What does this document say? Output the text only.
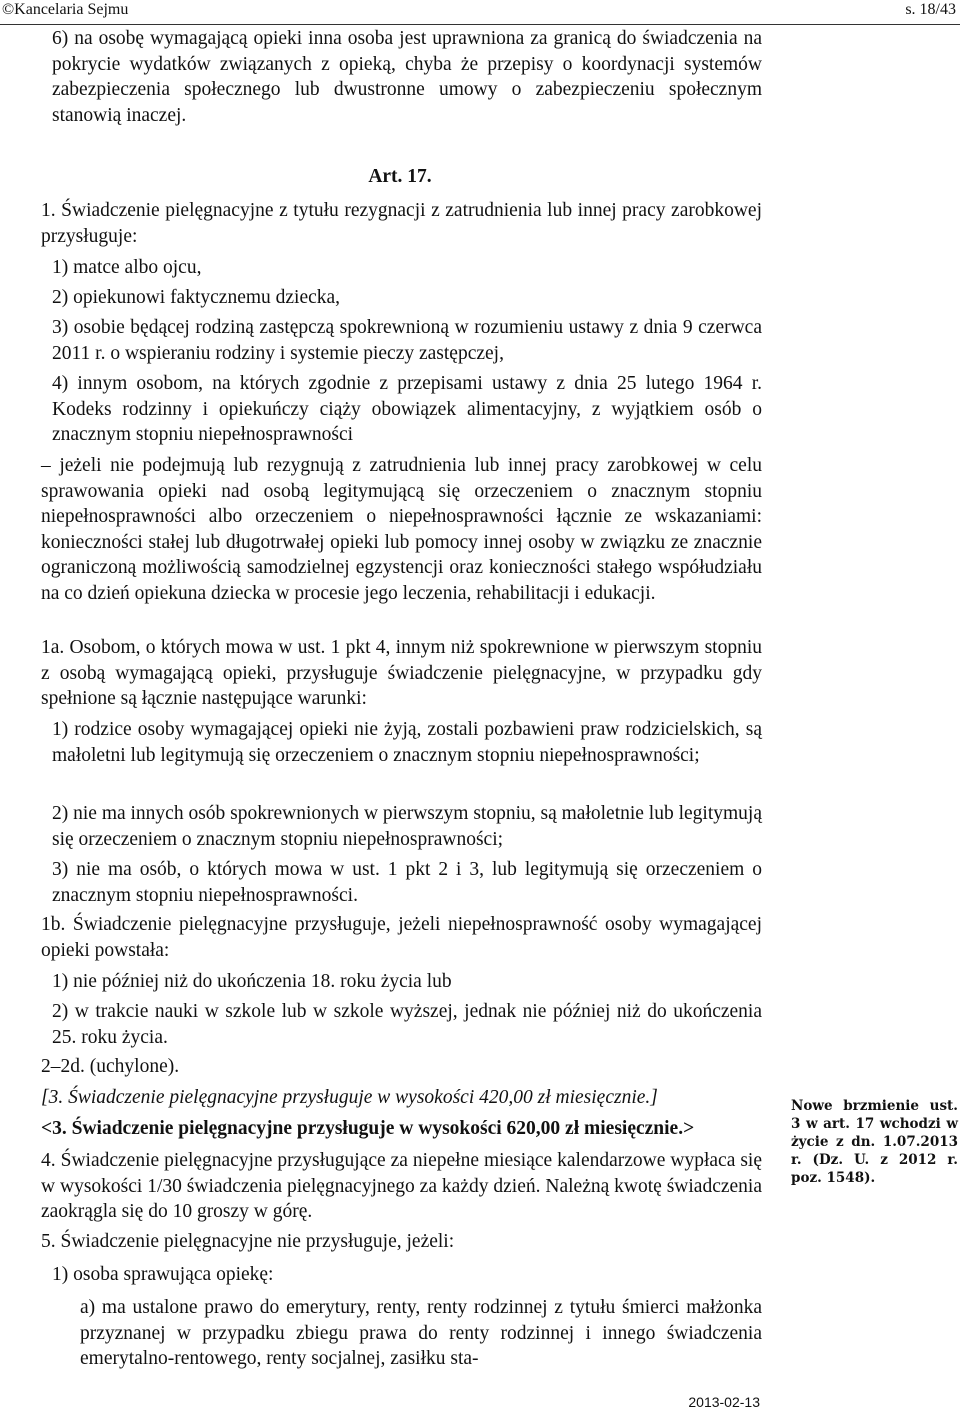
©Kancelaria Sejmu	s. 18/43
6) na osobę wymagającą opieki inna osoba jest uprawniona za granicą do świadczenia na pokrycie wydatków związanych z opieką, chyba że przepisy o koordynacji systemów zabezpieczenia społecznego lub dwustronne umowy o zabezpieczeniu społecznym stanowią inaczej.
Art. 17.
1. Świadczenie pielęgnacyjne z tytułu rezygnacji z zatrudnienia lub innej pracy zarobkowej przysługuje:
1) matce albo ojcu,
2) opiekunowi faktycznemu dziecka,
3) osobie będącej rodziną zastępczą spokrewnioną w rozumieniu ustawy z dnia 9 czerwca 2011 r. o wspieraniu rodziny i systemie pieczy zastępczej,
4) innym osobom, na których zgodnie z przepisami ustawy z dnia 25 lutego 1964 r. Kodeks rodzinny i opiekuńczy ciąży obowiązek alimentacyjny, z wyjątkiem osób o znacznym stopniu niepełnosprawności
– jeżeli nie podejmują lub rezygnują z zatrudnienia lub innej pracy zarobkowej w celu sprawowania opieki nad osobą legitymującą się orzeczeniem o znacznym stopniu niepełnosprawności albo orzeczeniem o niepełnosprawności łącznie ze wskazaniami: konieczności stałej lub długotrwałej opieki lub pomocy innej osoby w związku ze znacznie ograniczoną możliwością samodzielnej egzystencji oraz konieczności stałego współudziału na co dzień opiekuna dziecka w procesie jego leczenia, rehabilitacji i edukacji.
1a. Osobom, o których mowa w ust. 1 pkt 4, innym niż spokrewnione w pierwszym stopniu z osobą wymagającą opieki, przysługuje świadczenie pielęgnacyjne, w przypadku gdy spełnione są łącznie następujące warunki:
1) rodzice osoby wymagającej opieki nie żyją, zostali pozbawieni praw rodzicielskich, są małoletni lub legitymują się orzeczeniem o znacznym stopniu niepełnosprawności;
2) nie ma innych osób spokrewnionych w pierwszym stopniu, są małoletnie lub legitymują się orzeczeniem o znacznym stopniu niepełnosprawności;
3) nie ma osób, o których mowa w ust. 1 pkt 2 i 3, lub legitymują się orzeczeniem o znacznym stopniu niepełnosprawności.
1b. Świadczenie pielęgnacyjne przysługuje, jeżeli niepełnosprawność osoby wymagającej opieki powstała:
1) nie później niż do ukończenia 18. roku życia lub
2) w trakcie nauki w szkole lub w szkole wyższej, jednak nie później niż do ukończenia 25. roku życia.
2–2d. (uchylone).
[3. Świadczenie pielęgnacyjne przysługuje w wysokości 420,00 zł miesięcznie.]
<3. Świadczenie pielęgnacyjne przysługuje w wysokości 620,00 zł miesięcznie.>
4. Świadczenie pielęgnacyjne przysługujące za niepełne miesiące kalendarzowe wypłaca się w wysokości 1/30 świadczenia pielęgnacyjnego za każdy dzień. Należną kwotę świadczenia zaokrągla się do 10 groszy w górę.
5. Świadczenie pielęgnacyjne nie przysługuje, jeżeli:
1) osoba sprawująca opiekę:
a) ma ustalone prawo do emerytury, renty, renty rodzinnej z tytułu śmierci małżonka przyznanej w przypadku zbiegu prawa do renty rodzinnej i innego świadczenia emerytalno-rentowego, renty socjalnej, zasiłku sta-
Nowe brzmienie ust. 3 w art. 17 wchodzi w życie z dn. 1.07.2013 r. (Dz. U. z 2012 r. poz. 1548).
2013-02-13
